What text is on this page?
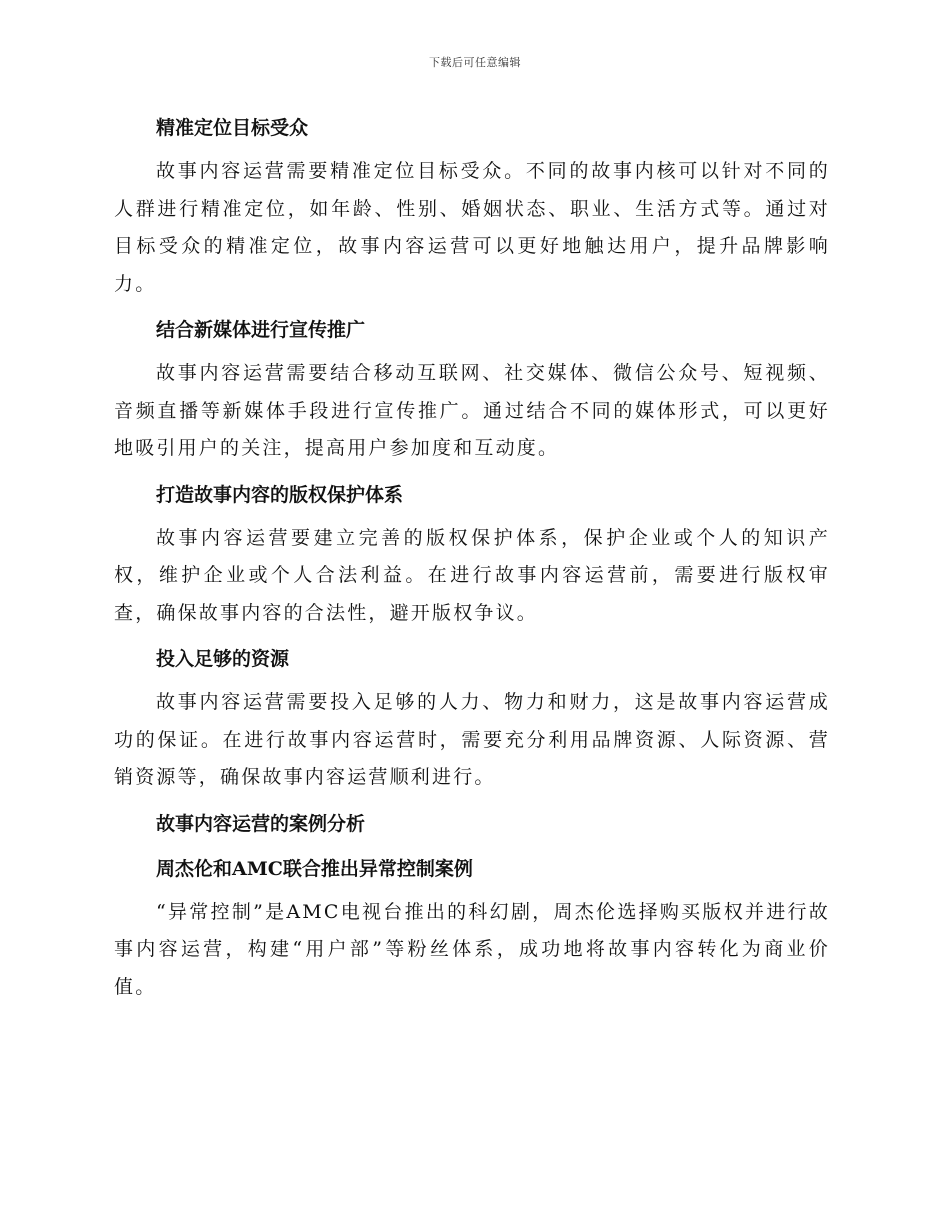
下载后可任意编辑
精准定位目标受众

故事内容运营需要精准定位目标受众。不同的故事内核可以针对不同的人群进行精准定位，如年龄、性别、婚姻状态、职业、生活方式等。通过对目标受众的精准定位，故事内容运营可以更好地触达用户，提升品牌影响力。

结合新媒体进行宣传推广

故事内容运营需要结合移动互联网、社交媒体、微信公众号、短视频、音频直播等新媒体手段进行宣传推广。通过结合不同的媒体形式，可以更好地吸引用户的关注，提高用户参加度和互动度。

打造故事内容的版权保护体系

故事内容运营要建立完善的版权保护体系，保护企业或个人的知识产权，维护企业或个人合法利益。在进行故事内容运营前，需要进行版权审查，确保故事内容的合法性，避开版权争议。

投入足够的资源

故事内容运营需要投入足够的人力、物力和财力，这是故事内容运营成功的保证。在进行故事内容运营时，需要充分利用品牌资源、人际资源、营销资源等，确保故事内容运营顺利进行。

故事内容运营的案例分析
周杰伦和AMC联合推出异常控制案例

“异常控制”是AMC电视台推出的科幻剧，周杰伦选择购买版权并进行故事内容运营，构建“用户部”等粉丝体系，成功地将故事内容转化为商业价值。
